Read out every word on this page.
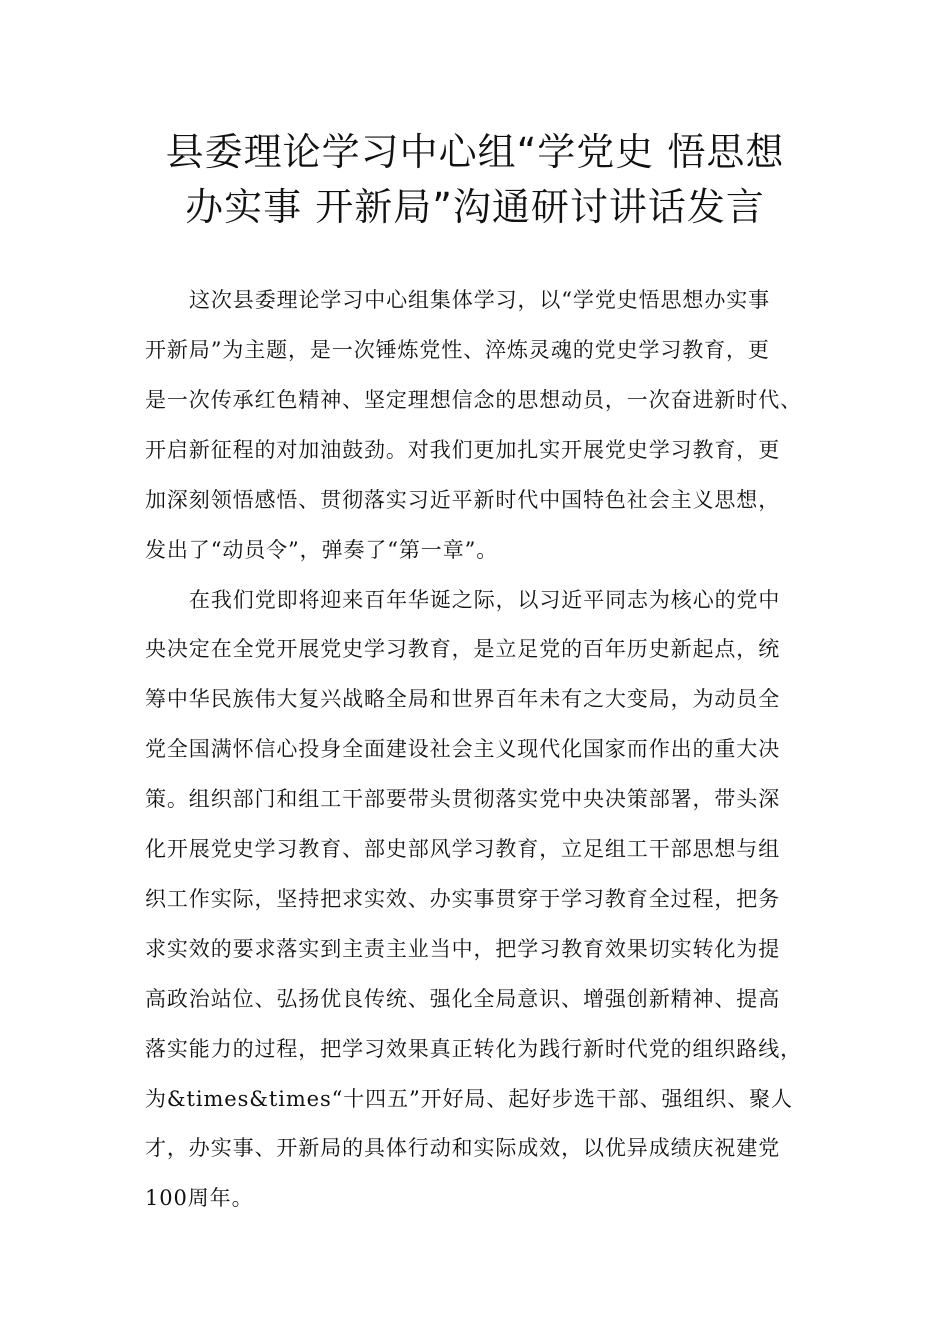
县委理论学习中心组“学党史 悟思想
办实事 开新局”沟通研讨讲话发言

这次县委理论学习中心组集体学习，以“学党史悟思想办实事

开新局”为主题，是一次锤炼党性、淬炼灵魂的党史学习教育，更

是一次传承红色精神、坚定理想信念的思想动员，一次奋进新时代、

开启新征程的对加油鼓劲。对我们更加扎实开展党史学习教育，更

加深刻领悟感悟、贯彻落实习近平新时代中国特色社会主义思想，

发出了“动员令”，弹奏了“第一章”。

在我们党即将迎来百年华诞之际，以习近平同志为核心的党中

央决定在全党开展党史学习教育，是立足党的百年历史新起点，统

筹中华民族伟大复兴战略全局和世界百年未有之大变局，为动员全

党全国满怀信心投身全面建设社会主义现代化国家而作出的重大决

策。组织部门和组工干部要带头贯彻落实党中央决策部署，带头深

化开展党史学习教育、部史部风学习教育，立足组工干部思想与组

织工作实际，坚持把求实效、办实事贯穿于学习教育全过程，把务

求实效的要求落实到主责主业当中，把学习教育效果切实转化为提

高政治站位、弘扬优良传统、强化全局意识、增强创新精神、提高

落实能力的过程，把学习效果真正转化为践行新时代党的组织路线，

为&times&times“十四五”开好局、起好步选干部、强组织、聚人

才，办实事、开新局的具体行动和实际成效，以优异成绩庆祝建党

100周年。
